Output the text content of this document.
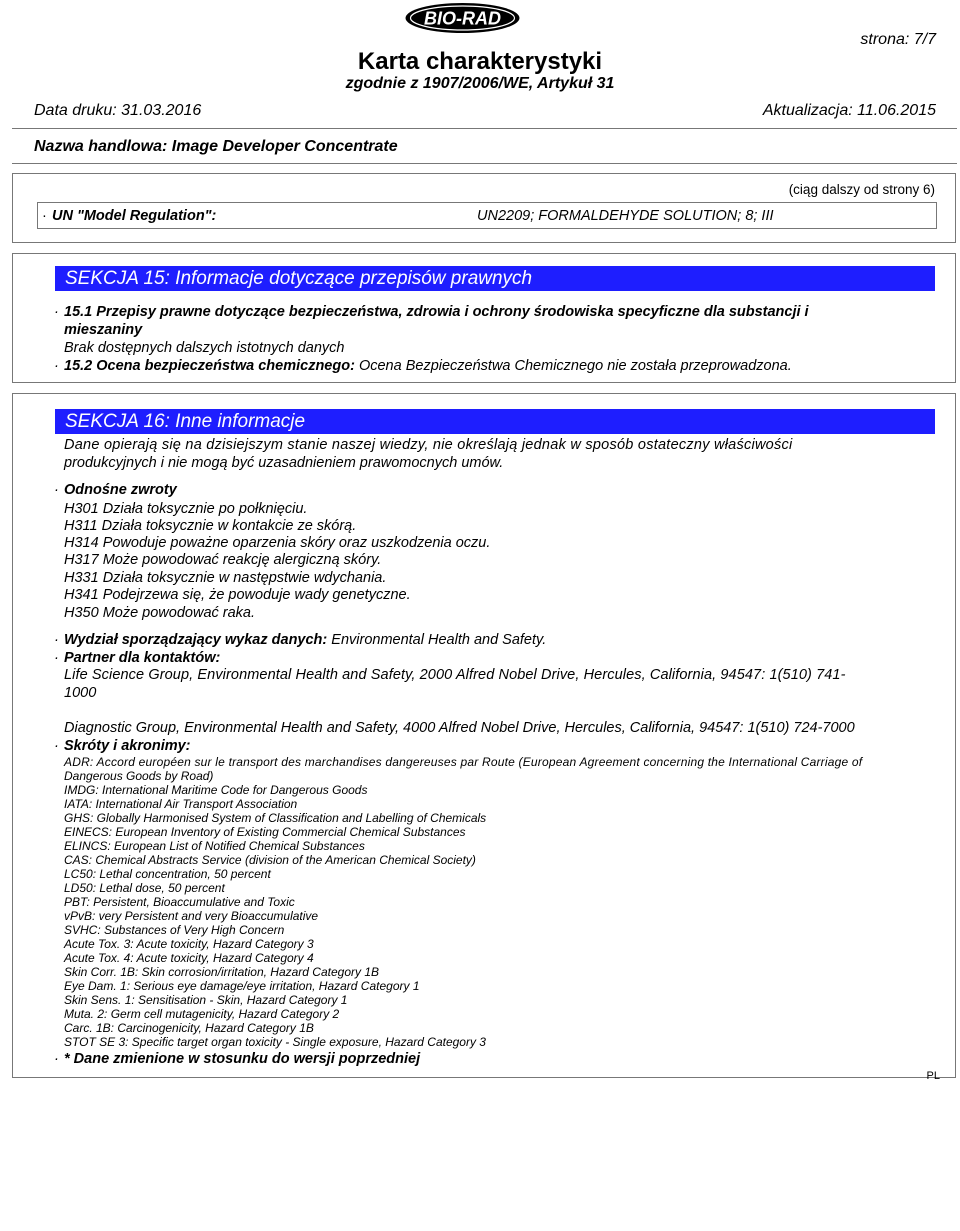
BIO-RAD
strona: 7/7
Karta charakterystyki
zgodnie z 1907/2006/WE, Artykuł 31
Data druku: 31.03.2016	Aktualizacja: 11.06.2015
Nazwa handlowa: Image Developer Concentrate
(ciąg dalszy od strony 6)
· UN "Model Regulation":	UN2209; FORMALDEHYDE SOLUTION; 8; III
SEKCJA 15: Informacje dotyczące przepisów prawnych
· 15.1 Przepisy prawne dotyczące bezpieczeństwa, zdrowia i ochrony środowiska specyficzne dla substancji i
mieszaniny
Brak dostępnych dalszych istotnych danych
· 15.2 Ocena bezpieczeństwa chemicznego: Ocena Bezpieczeństwa Chemicznego nie została przeprowadzona.
SEKCJA 16: Inne informacje
Dane opierają się na dzisiejszym stanie naszej wiedzy, nie określają jednak w sposób ostateczny właściwości
produkcyjnych i nie mogą być uzasadnieniem prawomocnych umów.
· Odnośne zwroty
H301 Działa toksycznie po połknięciu.
H311 Działa toksycznie w kontakcie ze skórą.
H314 Powoduje poważne oparzenia skóry oraz uszkodzenia oczu.
H317 Może powodować reakcję alergiczną skóry.
H331 Działa toksycznie w następstwie wdychania.
H341 Podejrzewa się, że powoduje wady genetyczne.
H350 Może powodować raka.
· Wydział sporządzający wykaz danych: Environmental Health and Safety.
· Partner dla kontaktów:
Life Science Group, Environmental Health and Safety, 2000 Alfred Nobel Drive, Hercules, California, 94547: 1(510) 741-
1000
Diagnostic Group, Environmental Health and Safety, 4000 Alfred Nobel Drive, Hercules, California, 94547: 1(510) 724-7000
· Skróty i akronimy:
ADR: Accord européen sur le transport des marchandises dangereuses par Route (European Agreement concerning the International Carriage of
Dangerous Goods by Road)
IMDG: International Maritime Code for Dangerous Goods
IATA: International Air Transport Association
GHS: Globally Harmonised System of Classification and Labelling of Chemicals
EINECS: European Inventory of Existing Commercial Chemical Substances
ELINCS: European List of Notified Chemical Substances
CAS: Chemical Abstracts Service (division of the American Chemical Society)
LC50: Lethal concentration, 50 percent
LD50: Lethal dose, 50 percent
PBT: Persistent, Bioaccumulative and Toxic
vPvB: very Persistent and very Bioaccumulative
SVHC: Substances of Very High Concern
Acute Tox. 3: Acute toxicity, Hazard Category 3
Acute Tox. 4: Acute toxicity, Hazard Category 4
Skin Corr. 1B: Skin corrosion/irritation, Hazard Category 1B
Eye Dam. 1: Serious eye damage/eye irritation, Hazard Category 1
Skin Sens. 1: Sensitisation - Skin, Hazard Category 1
Muta. 2: Germ cell mutagenicity, Hazard Category 2
Carc. 1B: Carcinogenicity, Hazard Category 1B
STOT SE 3: Specific target organ toxicity - Single exposure, Hazard Category 3
· * Dane zmienione w stosunku do wersji poprzedniej
PL
